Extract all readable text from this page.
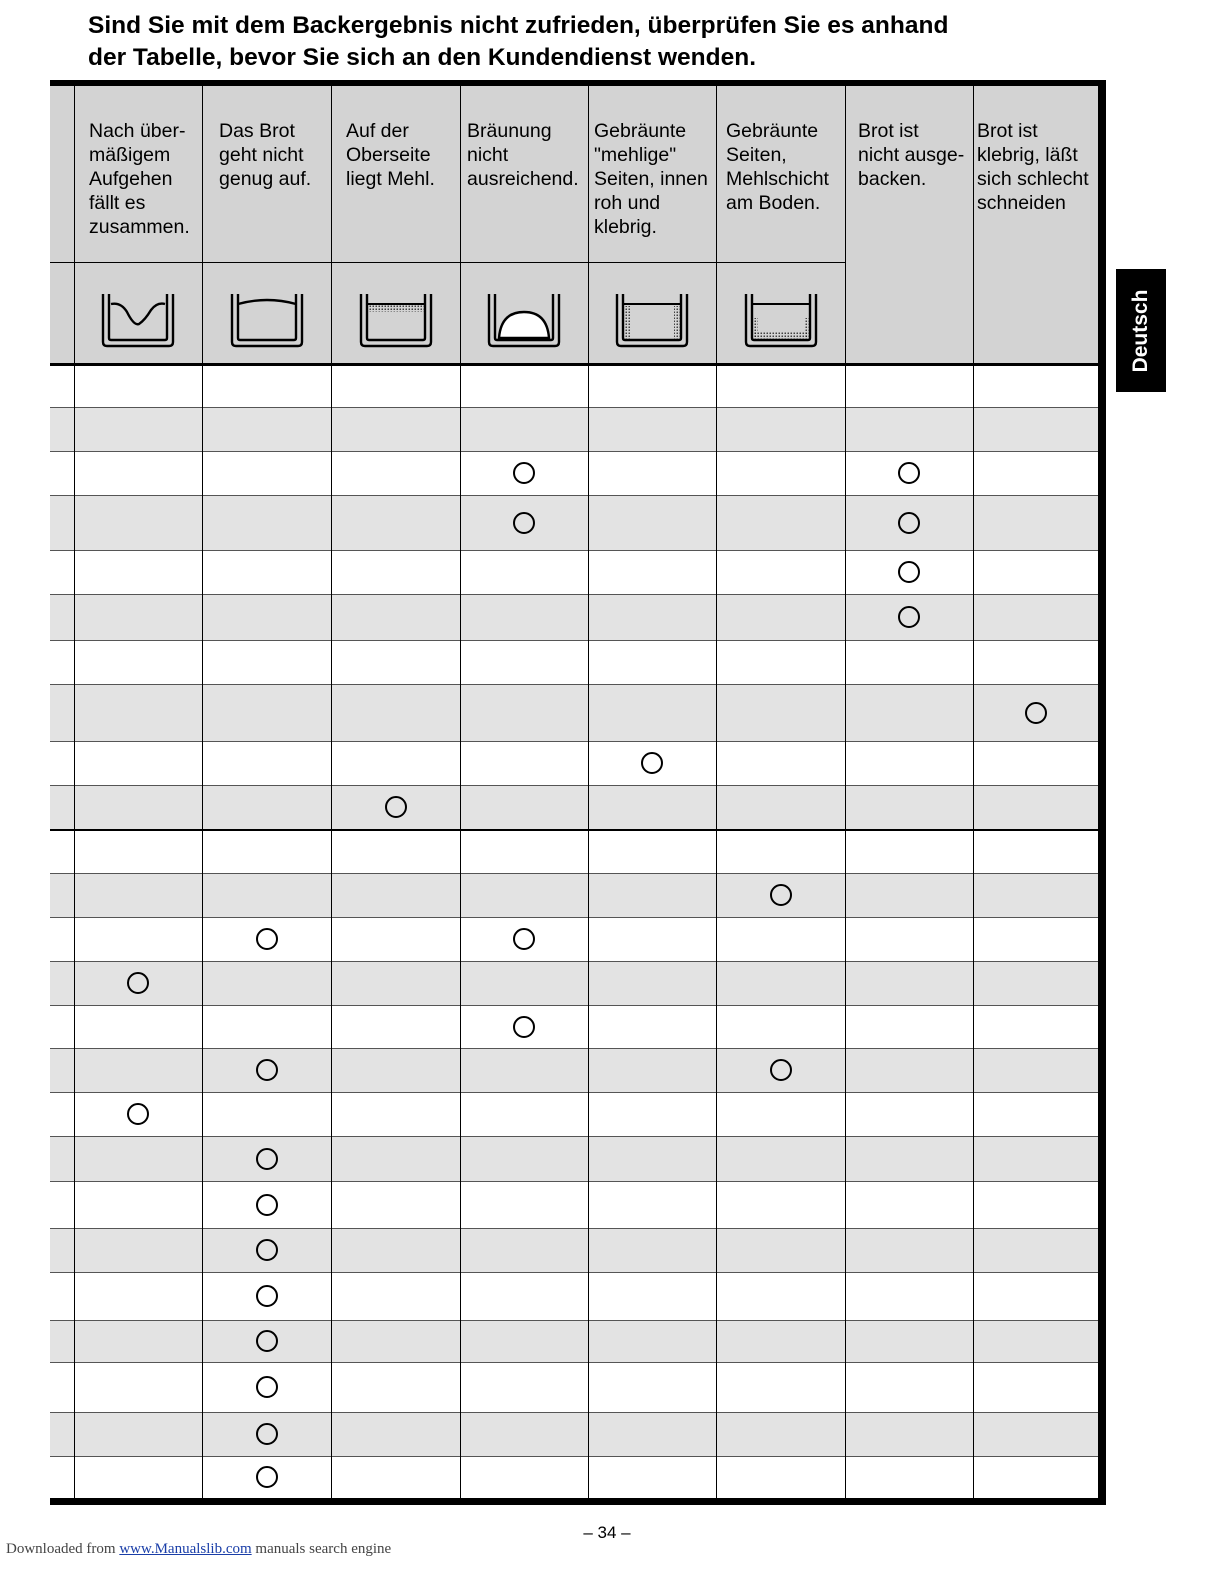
Sind Sie mit dem Backergebnis nicht zufrieden, überprüfen Sie es anhand
der Tabelle, bevor Sie sich an den Kundendienst wenden.
Nach über-
mäßigem
Aufgehen
fällt es
zusammen.
Das Brot
geht nicht
genug auf.
Auf der
Oberseite
liegt Mehl.
Bräunung
nicht
ausreichend.
Gebräunte
"mehlige"
Seiten, innen
roh und
klebrig.
Gebräunte
Seiten,
Mehlschicht
am Boden.
Brot ist
nicht ausge-
backen.
Brot ist
klebrig, läßt
sich schlecht
schneiden
Deutsch
– 34 –
Downloaded from www.Manualslib.com manuals search engine
